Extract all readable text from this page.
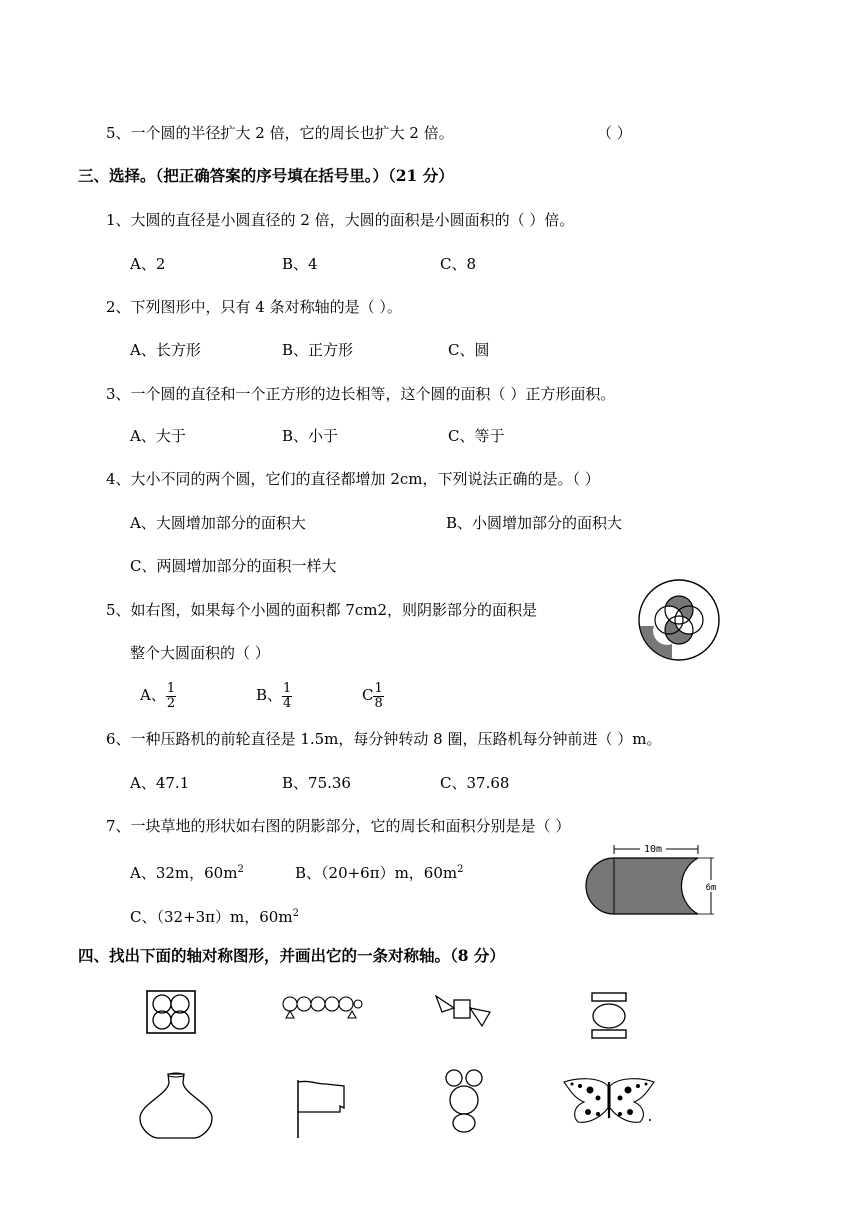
5、一个圆的半径扩大 2 倍，它的周长也扩大 2 倍。	（ ）
三、选择。（把正确答案的序号填在括号里。）（21 分）
1、大圆的直径是小圆直径的 2 倍，大圆的面积是小圆面积的（ ）倍。
A、2	B、4	C、8
2、下列图形中，只有 4 条对称轴的是（ ）。
A、长方形	B、正方形	C、圆
3、一个圆的直径和一个正方形的边长相等，这个圆的面积（ ）正方形面积。
A、大于	B、小于	C、等于
4、大小不同的两个圆，它们的直径都增加 2cm，下列说法正确的是。（ ）
A、大圆增加部分的面积大	B、小圆增加部分的面积大
C、两圆增加部分的面积一样大
5、如右图，如果每个小圆的面积都 7cm2，则阴影部分的面积是
整个大圆面积的（ ）
A、 $\frac{1}{2}$	B、 $\frac{1}{4}$	C $\frac{1}{8}$
6、一种压路机的前轮直径是 1.5m，每分钟转动 8 圈，压路机每分钟前进（ ）m。
A、47.1	B、75.36	C、37.68
7、一块草地的形状如右图的阴影部分，它的周长和面积分别是是（ ）
A、32m，$60m^2$	B、（20+6π）m，$60m^2$
C、（32+3π）m，$60m^2$
10m
6m
四、找出下面的轴对称图形，并画出它的一条对称轴。（8 分）
